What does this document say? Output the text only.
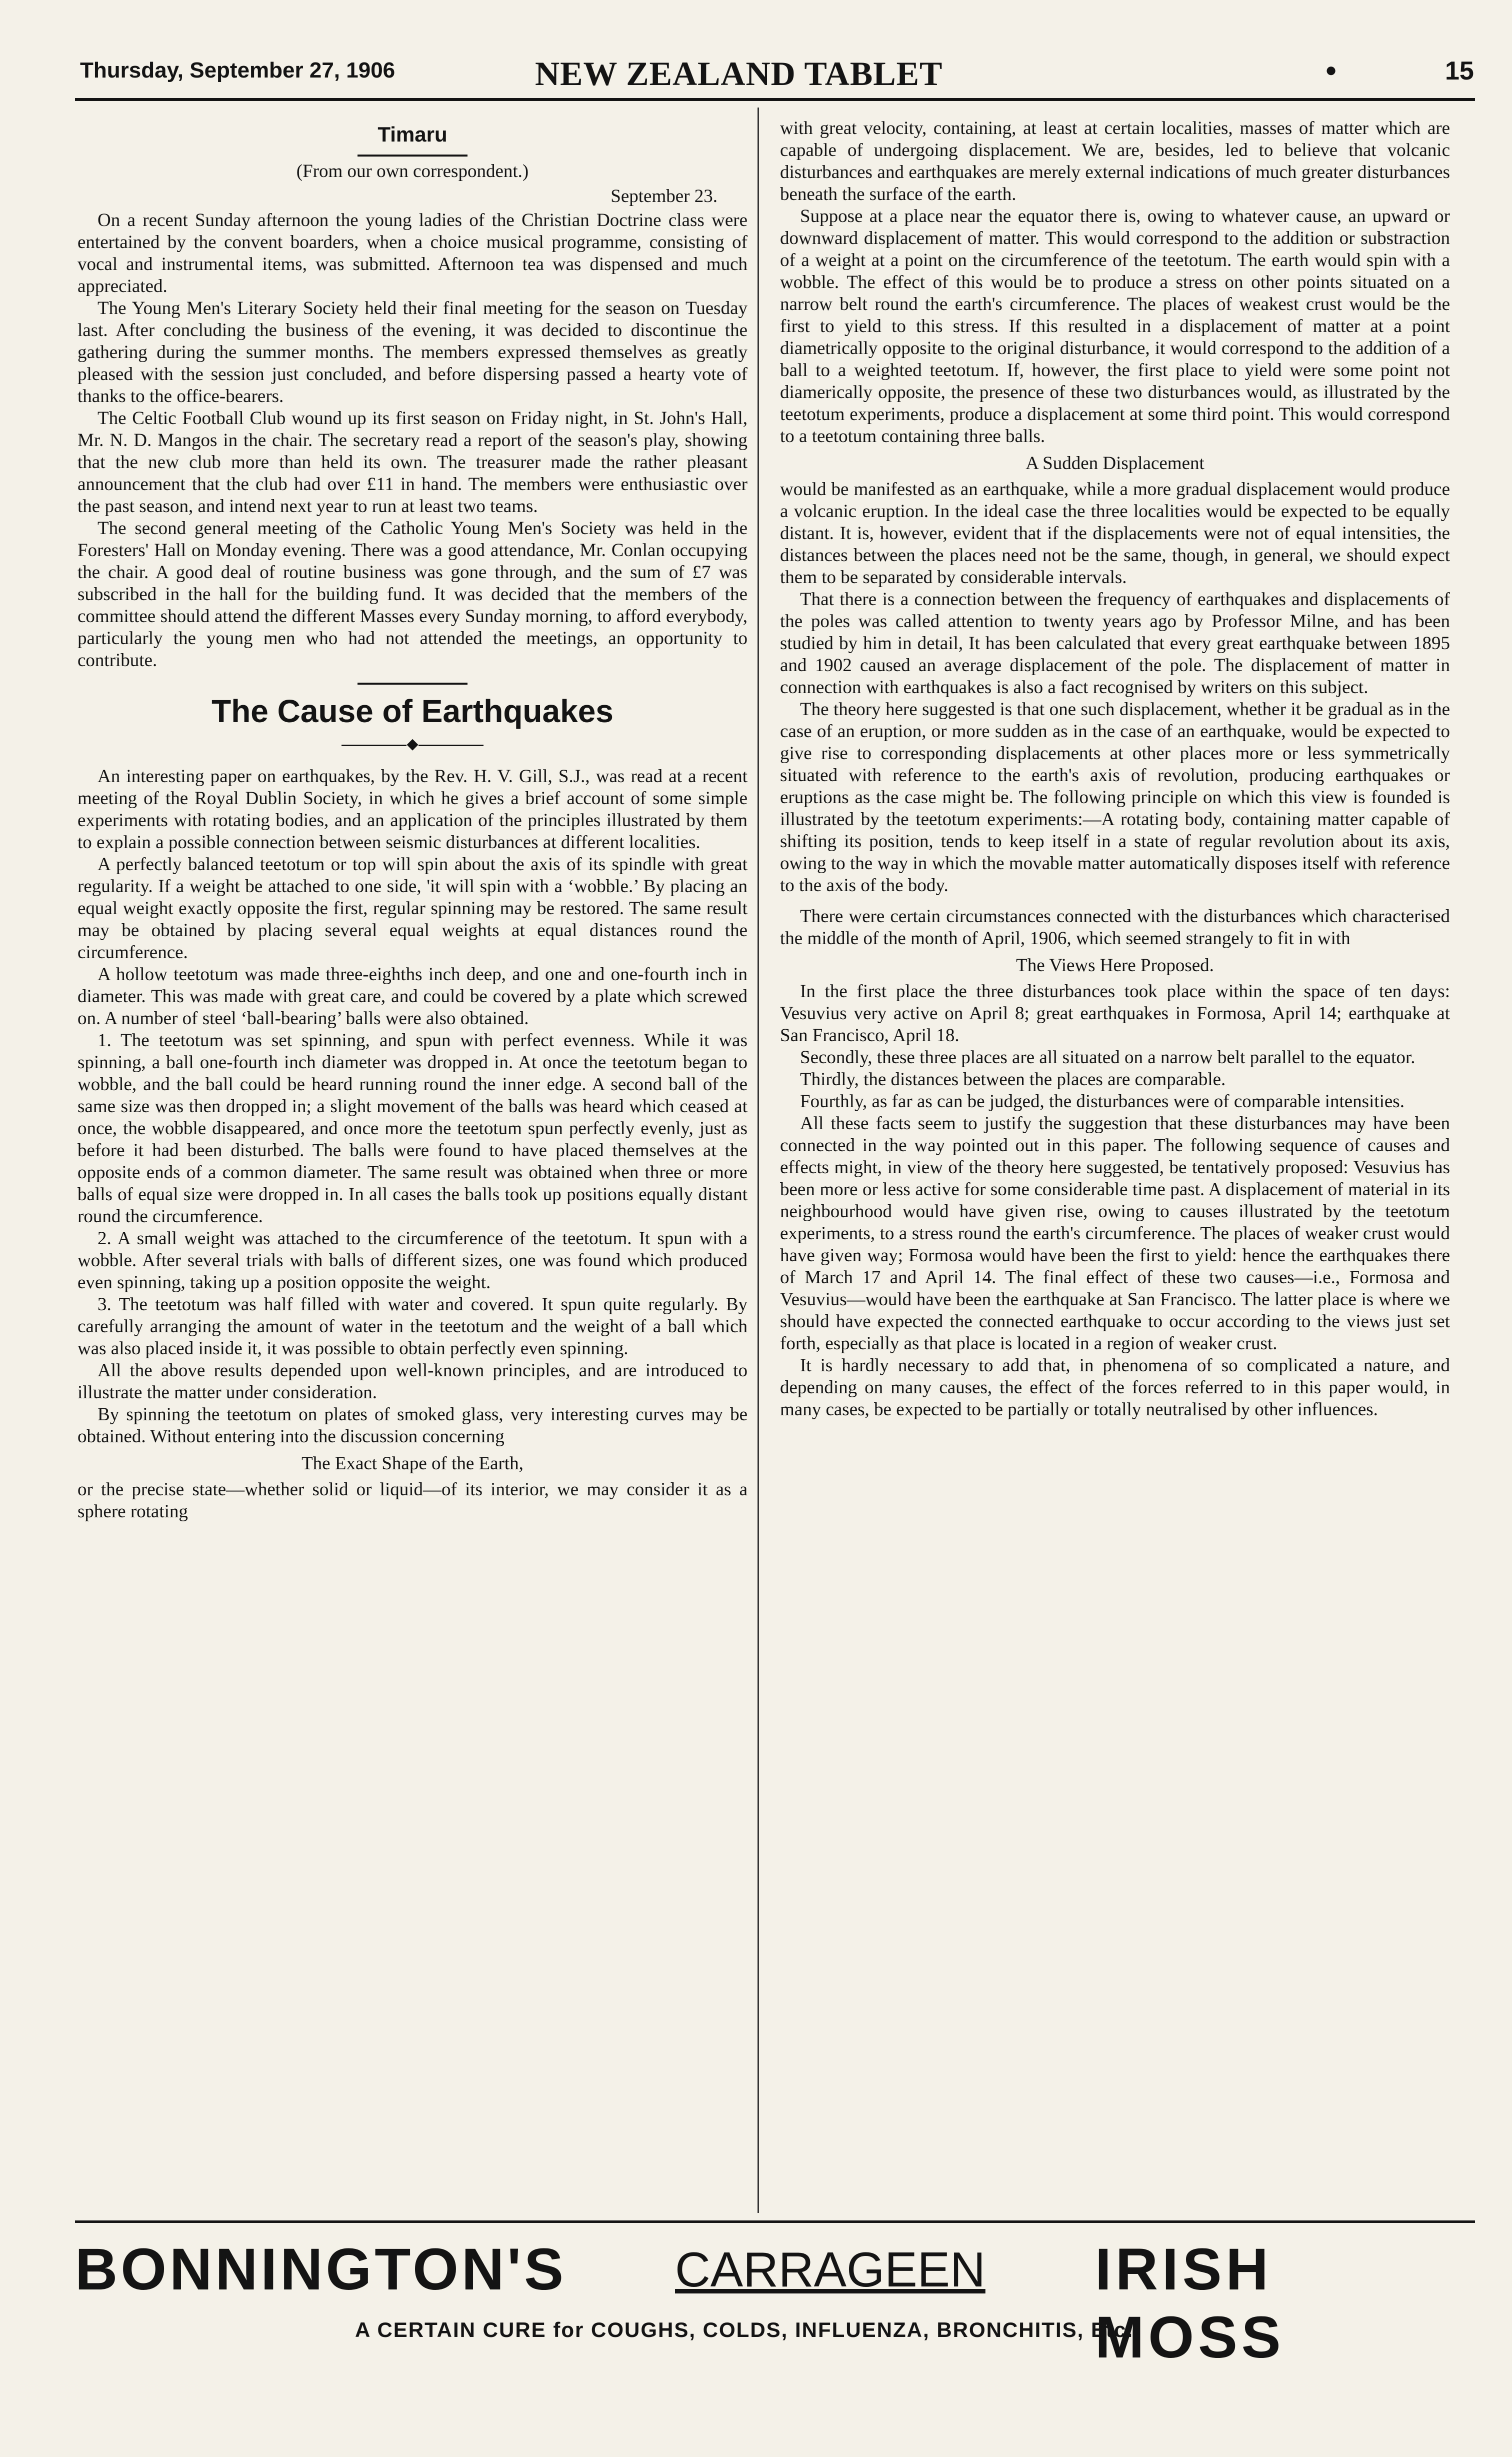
Thursday, September 27, 1906	NEW ZEALAND TABLET	●	15
Timaru
(From our own correspondent.)
September 23.

On a recent Sunday afternoon the young ladies of the Christian Doctrine class were entertained by the convent boarders, when a choice musical programme, consisting of vocal and instrumental items, was submitted. Afternoon tea was dispensed and much appreciated.

The Young Men's Literary Society held their final meeting for the season on Tuesday last. After concluding the business of the evening, it was decided to discontinue the gathering during the summer months. The members expressed themselves as greatly pleased with the session just concluded, and before dispersing passed a hearty vote of thanks to the office-bearers.

The Celtic Football Club wound up its first season on Friday night, in St. John's Hall, Mr. N. D. Mangos in the chair. The secretary read a report of the season's play, showing that the new club more than held its own. The treasurer made the rather pleasant announcement that the club had over £11 in hand. The members were enthusiastic over the past season, and intend next year to run at least two teams.

The second general meeting of the Catholic Young Men's Society was held in the Foresters' Hall on Monday evening. There was a good attendance, Mr. Conlan occupying the chair. A good deal of routine business was gone through, and the sum of £7 was subscribed in the hall for the building fund. It was decided that the members of the committee should attend the different Masses every Sunday morning, to afford everybody, particularly the young men who had not attended the meetings, an opportunity to contribute.

The Cause of Earthquakes
◆

An interesting paper on earthquakes, by the Rev. H. V. Gill, S.J., was read at a recent meeting of the Royal Dublin Society, in which he gives a brief account of some simple experiments with rotating bodies, and an application of the principles illustrated by them to explain a possible connection between seismic disturbances at different localities.

A perfectly balanced teetotum or top will spin about the axis of its spindle with great regularity. If a weight be attached to one side, 'it will spin with a ‘wobble.’ By placing an equal weight exactly opposite the first, regular spinning may be restored. The same result may be obtained by placing several equal weights at equal distances round the circumference.

A hollow teetotum was made three-eighths inch deep, and one and one-fourth inch in diameter. This was made with great care, and could be covered by a plate which screwed on. A number of steel ‘ball-bearing’ balls were also obtained.

1. The teetotum was set spinning, and spun with perfect evenness. While it was spinning, a ball one-fourth inch diameter was dropped in. At once the teetotum began to wobble, and the ball could be heard running round the inner edge. A second ball of the same size was then dropped in; a slight movement of the balls was heard which ceased at once, the wobble disappeared, and once more the teetotum spun perfectly evenly, just as before it had been disturbed. The balls were found to have placed themselves at the opposite ends of a common diameter. The same result was obtained when three or more balls of equal size were dropped in. In all cases the balls took up positions equally distant round the circumference.

2. A small weight was attached to the circumference of the teetotum. It spun with a wobble. After several trials with balls of different sizes, one was found which produced even spinning, taking up a position opposite the weight.

3. The teetotum was half filled with water and covered. It spun quite regularly. By carefully arranging the amount of water in the teetotum and the weight of a ball which was also placed inside it, it was possible to obtain perfectly even spinning.

All the above results depended upon well-known principles, and are introduced to illustrate the matter under consideration.

By spinning the teetotum on plates of smoked glass, very interesting curves may be obtained. Without entering into the discussion concerning

The Exact Shape of the Earth,

or the precise state—whether solid or liquid—of its interior, we may consider it as a sphere rotating

with great velocity, containing, at least at certain localities, masses of matter which are capable of undergoing displacement. We are, besides, led to believe that volcanic disturbances and earthquakes are merely external indications of much greater disturbances beneath the surface of the earth.

Suppose at a place near the equator there is, owing to whatever cause, an upward or downward displacement of matter. This would correspond to the addition or substraction of a weight at a point on the circumference of the teetotum. The earth would spin with a wobble. The effect of this would be to produce a stress on other points situated on a narrow belt round the earth's circumference. The places of weakest crust would be the first to yield to this stress. If this resulted in a displacement of matter at a point diametrically opposite to the original disturbance, it would correspond to the addition of a ball to a weighted teetotum. If, however, the first place to yield were some point not diamerically opposite, the presence of these two disturbances would, as illustrated by the teetotum experiments, produce a displacement at some third point. This would correspond to a teetotum containing three balls.

A Sudden Displacement

would be manifested as an earthquake, while a more gradual displacement would produce a volcanic eruption. In the ideal case the three localities would be expected to be equally distant. It is, however, evident that if the displacements were not of equal intensities, the distances between the places need not be the same, though, in general, we should expect them to be separated by considerable intervals.

That there is a connection between the frequency of earthquakes and displacements of the poles was called attention to twenty years ago by Professor Milne, and has been studied by him in detail, It has been calculated that every great earthquake between 1895 and 1902 caused an average displacement of the pole. The displacement of matter in connection with earthquakes is also a fact recognised by writers on this subject.

The theory here suggested is that one such displacement, whether it be gradual as in the case of an eruption, or more sudden as in the case of an earthquake, would be expected to give rise to corresponding displacements at other places more or less symmetrically situated with reference to the earth's axis of revolution, producing earthquakes or eruptions as the case might be. The following principle on which this view is founded is illustrated by the teetotum experiments:—A rotating body, containing matter capable of shifting its position, tends to keep itself in a state of regular revolution about its axis, owing to the way in which the movable matter automatically disposes itself with reference to the axis of the body.

There were certain circumstances connected with the disturbances which characterised the middle of the month of April, 1906, which seemed strangely to fit in with

The Views Here Proposed.

In the first place the three disturbances took place within the space of ten days: Vesuvius very active on April 8; great earthquakes in Formosa, April 14; earthquake at San Francisco, April 18.

Secondly, these three places are all situated on a narrow belt parallel to the equator.

Thirdly, the distances between the places are comparable.

Fourthly, as far as can be judged, the disturbances were of comparable intensities.

All these facts seem to justify the suggestion that these disturbances may have been connected in the way pointed out in this paper. The following sequence of causes and effects might, in view of the theory here suggested, be tentatively proposed: Vesuvius has been more or less active for some considerable time past. A displacement of material in its neighbourhood would have given rise, owing to causes illustrated by the teetotum experiments, to a stress round the earth's circumference. The places of weaker crust would have given way; Formosa would have been the first to yield: hence the earthquakes there of March 17 and April 14. The final effect of these two causes—i.e., Formosa and Vesuvius—would have been the earthquake at San Francisco. The latter place is where we should have expected the connected earthquake to occur according to the views just set forth, especially as that place is located in a region of weaker crust.

It is hardly necessary to add that, in phenomena of so complicated a nature, and depending on many causes, the effect of the forces referred to in this paper would, in many cases, be expected to be partially or totally neutralised by other influences.

BONNINGTON'S CARRAGEEN IRISH MOSS
A CERTAIN CURE for COUGHS, COLDS, INFLUENZA, BRONCHITIS, Etc.
